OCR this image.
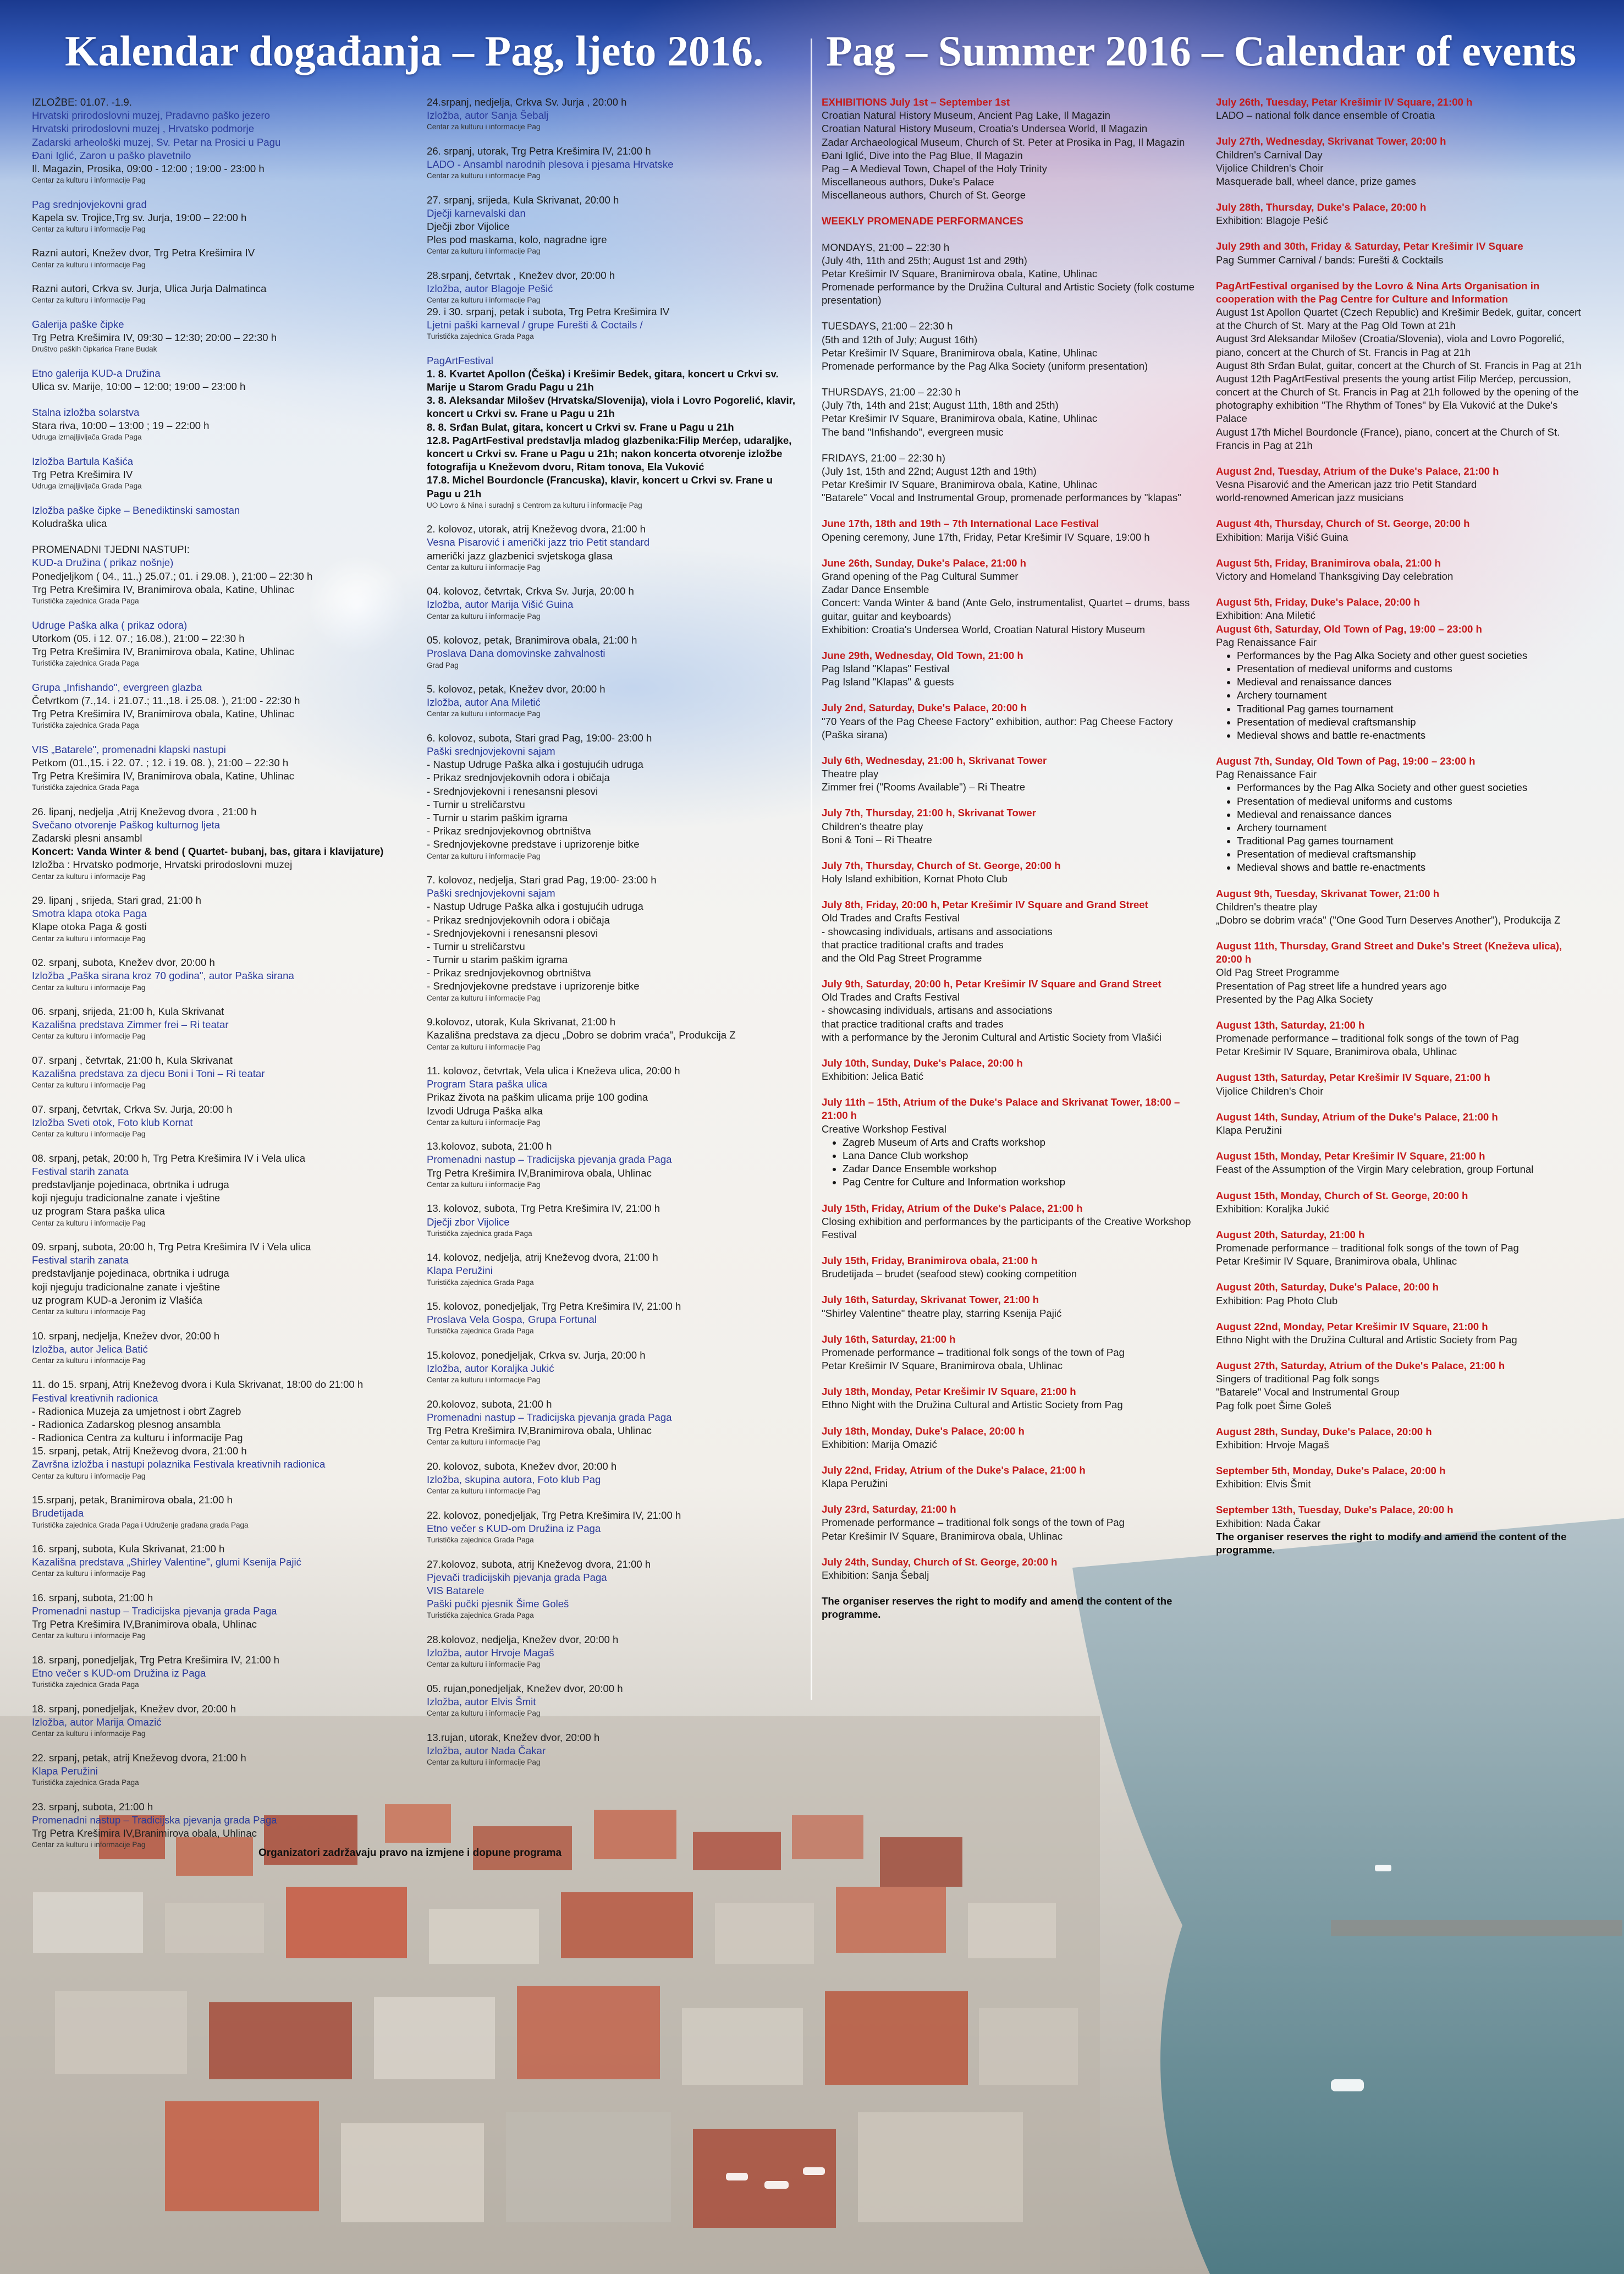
Kalendar događanja – Pag, ljeto 2016. Pag – Summer 2016 – Calendar of events
IZLOŽBE: 01.07. -1.9.
Hrvatski prirodoslovni muzej, Pradavno paško jezero
Hrvatski prirodoslovni muzej , Hrvatsko podmorje
Zadarski arheološki muzej, Sv. Petar na Prosici u Pagu
Đani Iglić, Zaron u paško plavetnilo
Il. Magazin, Prosika, 09:00 - 12:00 ; 19:00 - 23:00 h
Centar za kulturu i informacije Pag
Pag srednjovjekovni grad
Kapela sv. Trojice,Trg sv. Jurja, 19:00 – 22:00 h
Centar za kulturu i informacije Pag
Razni autori, Knežev dvor, Trg Petra Krešimira IV
Centar za kulturu i informacije Pag
Razni autori, Crkva sv. Jurja, Ulica Jurja Dalmatinca
Centar za kulturu i informacije Pag
Galerija paške čipke
Trg Petra Krešimira IV, 09:30 – 12:30; 20:00 – 22:30 h
Društvo paških čipkarica Frane Budak
Etno galerija KUD-a Družina
Ulica sv. Marije, 10:00 – 12:00; 19:00 – 23:00 h
Stalna izložba solarstva
Stara riva, 10:00 – 13:00 ; 19 – 22:00 h
Udruga izmajljivljača Grada Paga
Izložba Bartula Kašića
Trg Petra Krešimira IV
Udruga izmajljivljača Grada Paga
Izložba paške čipke – Benediktinski samostan
Koludraška ulica
PROMENADNI TJEDNI NASTUPI:
KUD-a Družina ( prikaz nošnje)
Ponedjeljkom ( 04., 11.,) 25.07.; 01. i 29.08. ), 21:00 – 22:30 h
Trg Petra Krešimira IV, Branimirova obala, Katine, Uhlinac
Turistička zajednica Grada Paga
Udruge Paška alka ( prikaz odora)
Utorkom (05. i 12. 07.; 16.08.), 21:00 – 22:30 h
Trg Petra Krešimira IV, Branimirova obala, Katine, Uhlinac
Turistička zajednica Grada Paga
Grupa „Infishando", evergreen glazba
Četvrtkom (7.,14. i 21.07.; 11.,18. i 25.08. ), 21:00 - 22:30 h
Trg Petra Krešimira IV, Branimirova obala, Katine, Uhlinac
Turistička zajednica Grada Paga
VIS „Batarele", promenadni klapski nastupi
Petkom (01.,15. i 22. 07. ; 12. i 19. 08. ), 21:00 – 22:30 h
Trg Petra Krešimira IV, Branimirova obala, Katine, Uhlinac
Turistička zajednica Grada Paga
26. lipanj, nedjelja ,Atrij Kneževog dvora , 21:00 h
Svečano otvorenje Paškog kulturnog ljeta
Zadarski plesni ansambl
Koncert: Vanda Winter & bend ( Quartet- bubanj, bas, gitara i klavijature)
Izložba : Hrvatsko podmorje, Hrvatski prirodoslovni muzej
Centar za kulturu i informacije Pag
29. lipanj , srijeda, Stari grad, 21:00 h
Smotra klapa otoka Paga
Klape otoka Paga & gosti
Centar za kulturu i informacije Pag
02. srpanj, subota, Knežev dvor, 20:00 h
Izložba „Paška sirana kroz 70 godina", autor Paška sirana
Centar za kulturu i informacije Pag
06. srpanj, srijeda, 21:00 h, Kula Skrivanat
Kazališna predstava Zimmer frei – Ri teatar
Centar za kulturu i informacije Pag
07. srpanj , četvrtak, 21:00 h, Kula Skrivanat
Kazališna predstava za djecu Boni i Toni – Ri teatar
Centar za kulturu i informacije Pag
07. srpanj, četvrtak, Crkva Sv. Jurja, 20:00 h
Izložba Sveti otok, Foto klub Kornat
Centar za kulturu i informacije Pag
08. srpanj, petak, 20:00 h, Trg Petra Krešimira IV i Vela ulica
Festival starih zanata
predstavljanje pojedinaca, obrtnika i udruga
koji njeguju tradicionalne zanate i vještine
uz program Stara paška ulica
Centar za kulturu i informacije Pag
09. srpanj, subota, 20:00 h, Trg Petra Krešimira IV i Vela ulica
Festival starih zanata
predstavljanje pojedinaca, obrtnika i udruga
koji njeguju tradicionalne zanate i vještine
uz program KUD-a Jeronim iz Vlašića
Centar za kulturu i informacije Pag
10. srpanj, nedjelja, Knežev dvor, 20:00 h
Izložba, autor Jelica Batić
Centar za kulturu i informacije Pag
11. do 15. srpanj, Atrij Kneževog dvora i Kula Skrivanat, 18:00 do 21:00 h
Festival kreativnih radionica
- Radionica Muzeja za umjetnost i obrt Zagreb
- Radionica Zadarskog plesnog ansambla
- Radionica Centra za kulturu i informacije Pag
15. srpanj, petak, Atrij Kneževog dvora, 21:00 h
Završna izložba i nastupi polaznika Festivala kreativnih radionica
Centar za kulturu i informacije Pag
15.srpanj, petak, Branimirova obala, 21:00 h
Brudetijada
Turistička zajednica Grada Paga i Udruženje građana grada Paga
16. srpanj, subota, Kula Skrivanat, 21:00 h
Kazališna predstava „Shirley Valentine", glumi Ksenija Pajić
Centar za kulturu i informacije Pag
16. srpanj, subota, 21:00 h
Promenadni nastup – Tradicijska pjevanja grada Paga
Trg Petra Krešimira IV,Branimirova obala, Uhlinac
Centar za kulturu i informacije Pag
18. srpanj, ponedjeljak, Trg Petra Krešimira IV, 21:00 h
Etno večer s KUD-om Družina iz Paga
Turistička zajednica Grada Paga
18. srpanj, ponedjeljak, Knežev dvor, 20:00 h
Izložba, autor Marija Omazić
Centar za kulturu i informacije Pag
22. srpanj, petak, atrij Kneževog dvora, 21:00 h
Klapa Peružini
Turistička zajednica Grada Paga
23. srpanj, subota, 21:00 h
Promenadni nastup – Tradicijska pjevanja grada Paga
Trg Petra Krešimira IV,Branimirova obala, Uhlinac
Centar za kulturu i informacije Pag
24.srpanj, nedjelja, Crkva Sv. Jurja , 20:00 h
Izložba, autor Sanja Šebalj
Centar za kulturu i informacije Pag
26. srpanj, utorak, Trg Petra Krešimira IV, 21:00 h
LADO - Ansambl narodnih plesova i pjesama Hrvatske
Centar za kulturu i informacije Pag
27. srpanj, srijeda, Kula Skrivanat, 20:00 h
Dječji karnevalski dan
Dječji zbor Vijolice
Ples pod maskama, kolo, nagradne igre
Centar za kulturu i informacije Pag
28.srpanj, četvrtak , Knežev dvor, 20:00 h
Izložba, autor Blagoje Pešić
Centar za kulturu i informacije Pag
29. i 30. srpanj, petak i subota, Trg Petra Krešimira IV
Ljetni paški karneval / grupe Furešti & Coctails /
Turistička zajednica Grada Paga
PagArtFestival
1. 8. Kvartet Apollon (Češka) i Krešimir Bedek, gitara, koncert u Crkvi sv. Marije u Starom Gradu Pagu u 21h
3. 8. Aleksandar Milošev (Hrvatska/Slovenija), viola i Lovro Pogorelić, klavir, koncert u Crkvi sv. Frane u Pagu u 21h
8. 8. Srđan Bulat, gitara, koncert u Crkvi sv. Frane u Pagu u 21h
12.8. PagArtFestival predstavlja mladog glazbenika:Filip Merćep, udaraljke, koncert u Crkvi sv. Frane u Pagu u 21h; nakon koncerta otvorenje izložbe fotografija u Kneževom dvoru, Ritam tonova, Ela Vuković
17.8. Michel Bourdoncle (Francuska), klavir, koncert u Crkvi sv. Frane u Pagu u 21h
UO Lovro & Nina i suradnji s Centrom za kulturu i informacije Pag
2. kolovoz, utorak, atrij Kneževog dvora, 21:00 h
Vesna Pisarović i američki jazz trio Petit standard
američki jazz glazbenici svjetskoga glasa
Centar za kulturu i informacije Pag
04. kolovoz, četvrtak, Crkva Sv. Jurja, 20:00 h
Izložba, autor Marija Višić Guina
Centar za kulturu i informacije Pag
05. kolovoz, petak, Branimirova obala, 21:00 h
Proslava Dana domovinske zahvalnosti
Grad Pag
5. kolovoz, petak, Knežev dvor, 20:00 h
Izložba, autor Ana Miletić
Centar za kulturu i informacije Pag
6. kolovoz, subota, Stari grad Pag, 19:00- 23:00 h
Paški srednjovjekovni sajam
- Nastup Udruge Paška alka i gostujućih udruga
- Prikaz srednjovjekovnih odora i običaja
- Srednjovjekovni i renesansni plesovi
- Turnir u streličarstvu
- Turnir u starim paškim igrama
- Prikaz srednjovjekovnog obrtništva
- Srednjovjekovne predstave i uprizorenje bitke
Centar za kulturu i informacije Pag
7. kolovoz, nedjelja, Stari grad Pag, 19:00- 23:00 h
Paški srednjovjekovni sajam
- Nastup Udruge Paška alka i gostujućih udruga
- Prikaz srednjovjekovnih odora i običaja
- Srednjovjekovni i renesansni plesovi
- Turnir u streličarstvu
- Turnir u starim paškim igrama
- Prikaz srednjovjekovnog obrtništva
- Srednjovjekovne predstave i uprizorenje bitke
Centar za kulturu i informacije Pag
9.kolovoz, utorak, Kula Skrivanat, 21:00 h
Kazališna predstava za djecu „Dobro se dobrim vraća", Produkcija Z
Centar za kulturu i informacije Pag
11. kolovoz, četvrtak, Vela ulica i Kneževa ulica, 20:00 h
Program Stara paška ulica
Prikaz života na paškim ulicama prije 100 godina
Izvodi Udruga Paška alka
Centar za kulturu i informacije Pag
13.kolovoz, subota, 21:00 h
Promenadni nastup – Tradicijska pjevanja grada Paga
Trg Petra Krešimira IV,Branimirova obala, Uhlinac
Centar za kulturu i informacije Pag
13. kolovoz, subota, Trg Petra Krešimira IV, 21:00 h
Dječji zbor Vijolice
Turistička zajednica grada Paga
14. kolovoz, nedjelja, atrij Kneževog dvora, 21:00 h
Klapa Peružini
Turistička zajednica Grada Paga
15. kolovoz, ponedjeljak, Trg Petra Krešimira IV, 21:00 h
Proslava Vela Gospa, Grupa Fortunal
Turistička zajednica Grada Paga
15.kolovoz, ponedjeljak, Crkva sv. Jurja, 20:00 h
Izložba, autor Koraljka Jukić
Centar za kulturu i informacije Pag
20.kolovoz, subota, 21:00 h
Promenadni nastup – Tradicijska pjevanja grada Paga
Trg Petra Krešimira IV,Branimirova obala, Uhlinac
Centar za kulturu i informacije Pag
20. kolovoz, subota, Knežev dvor, 20:00 h
Izložba, skupina autora, Foto klub Pag
Centar za kulturu i informacije Pag
22. kolovoz, ponedjeljak, Trg Petra Krešimira IV, 21:00 h
Etno večer s KUD-om Družina iz Paga
Turistička zajednica Grada Paga
27.kolovoz, subota, atrij Kneževog dvora, 21:00 h
Pjevači tradicijskih pjevanja grada Paga
VIS Batarele
Paški pučki pjesnik Šime Goleš
Turistička zajednica Grada Paga
28.kolovoz, nedjelja, Knežev dvor, 20:00 h
Izložba, autor Hrvoje Magaš
Centar za kulturu i informacije Pag
05. rujan,ponedjeljak, Knežev dvor, 20:00 h
Izložba, autor Elvis Šmit
Centar za kulturu i informacije Pag
13.rujan, utorak, Knežev dvor, 20:00 h
Izložba, autor Nada Čakar
Centar za kulturu i informacije Pag
EXHIBITIONS July 1st – September 1st
Croatian Natural History Museum, Ancient Pag Lake, Il Magazin
Croatian Natural History Museum, Croatia's Undersea World, Il Magazin
Zadar Archaeological Museum, Church of St. Peter at Prosika in Pag, Il Magazin
Đani Iglić, Dive into the Pag Blue, Il Magazin
Pag – A Medieval Town, Chapel of the Holy Trinity
Miscellaneous authors, Duke's Palace
Miscellaneous authors, Church of St. George
WEEKLY PROMENADE PERFORMANCES
MONDAYS, 21:00 – 22:30 h
(July 4th, 11th and 25th; August 1st and 29th)
Petar Krešimir IV Square, Branimirova obala, Katine, Uhlinac
Promenade performance by the Družina Cultural and Artistic Society (folk costume presentation)
TUESDAYS, 21:00 – 22:30 h
(5th and 12th of July; August 16th)
Petar Krešimir IV Square, Branimirova obala, Katine, Uhlinac
Promenade performance by the Pag Alka Society (uniform presentation)
THURSDAYS, 21:00 – 22:30 h
(July 7th, 14th and 21st; August 11th, 18th and 25th)
Petar Krešimir IV Square, Branimirova obala, Katine, Uhlinac
The band "Infishando", evergreen music
FRIDAYS, 21:00 – 22:30 h)
(July 1st, 15th and 22nd; August 12th and 19th)
Petar Krešimir IV Square, Branimirova obala, Katine, Uhlinac
"Batarele" Vocal and Instrumental Group, promenade performances by "klapas"
June 17th, 18th and 19th – 7th International Lace Festival
Opening ceremony, June 17th, Friday, Petar Krešimir IV Square, 19:00 h
June 26th, Sunday, Duke's Palace, 21:00 h
Grand opening of the Pag Cultural Summer
Zadar Dance Ensemble
Concert: Vanda Winter & band (Ante Gelo, instrumentalist, Quartet – drums, bass guitar, guitar and keyboards)
Exhibition: Croatia's Undersea World, Croatian Natural History Museum
June 29th, Wednesday, Old Town, 21:00 h
Pag Island "Klapas" Festival
Pag Island "Klapas" & guests
July 2nd, Saturday, Duke's Palace, 20:00 h
"70 Years of the Pag Cheese Factory" exhibition, author: Pag Cheese Factory (Paška sirana)
July 6th, Wednesday, 21:00 h, Skrivanat Tower
Theatre play
Zimmer frei ("Rooms Available") – Ri Theatre
July 7th, Thursday, 21:00 h, Skrivanat Tower
Children's theatre play
Boni & Toni – Ri Theatre
July 7th, Thursday, Church of St. George, 20:00 h
Holy Island exhibition, Kornat Photo Club
July 8th, Friday, 20:00 h, Petar Krešimir IV Square and Grand Street
Old Trades and Crafts Festival
- showcasing individuals, artisans and associations
that practice traditional crafts and trades
and the Old Pag Street Programme
July 9th, Saturday, 20:00 h, Petar Krešimir IV Square and Grand Street
Old Trades and Crafts Festival
- showcasing individuals, artisans and associations
that practice traditional crafts and trades
with a performance by the Jeronim Cultural and Artistic Society from Vlašići
July 10th, Sunday, Duke's Palace, 20:00 h
Exhibition: Jelica Batić
July 11th – 15th, Atrium of the Duke's Palace and Skrivanat Tower, 18:00 – 21:00 h
Creative Workshop Festival
• Zagreb Museum of Arts and Crafts workshop
• Lana Dance Club workshop
• Zadar Dance Ensemble workshop
• Pag Centre for Culture and Information workshop
July 15th, Friday, Atrium of the Duke's Palace, 21:00 h
Closing exhibition and performances by the participants of the Creative Workshop Festival
July 15th, Friday, Branimirova obala, 21:00 h
Brudetijada – brudet (seafood stew) cooking competition
July 16th, Saturday, Skrivanat Tower, 21:00 h
"Shirley Valentine" theatre play, starring Ksenija Pajić
July 16th, Saturday, 21:00 h
Promenade performance – traditional folk songs of the town of Pag
Petar Krešimir IV Square, Branimirova obala, Uhlinac
July 18th, Monday, Petar Krešimir IV Square, 21:00 h
Ethno Night with the Družina Cultural and Artistic Society from Pag
July 18th, Monday, Duke's Palace, 20:00 h
Exhibition: Marija Omazić
July 22nd, Friday, Atrium of the Duke's Palace, 21:00 h
Klapa Peružini
July 23rd, Saturday, 21:00 h
Promenade performance – traditional folk songs of the town of Pag
Petar Krešimir IV Square, Branimirova obala, Uhlinac
July 24th, Sunday, Church of St. George, 20:00 h
Exhibition: Sanja Šebalj
The organiser reserves the right to modify and amend the content of the programme.
July 26th, Tuesday, Petar Krešimir IV Square, 21:00 h
LADO – national folk dance ensemble of Croatia
July 27th, Wednesday, Skrivanat Tower, 20:00 h
Children's Carnival Day
Vijolice Children's Choir
Masquerade ball, wheel dance, prize games
July 28th, Thursday, Duke's Palace, 20:00 h
Exhibition: Blagoje Pešić
July 29th and 30th, Friday & Saturday, Petar Krešimir IV Square
Pag Summer Carnival / bands: Furešti & Cocktails
PagArtFestival organised by the Lovro & Nina Arts Organisation in cooperation with the Pag Centre for Culture and Information
August 1st Apollon Quartet (Czech Republic) and Krešimir Bedek, guitar, concert at the Church of St. Mary at the Pag Old Town at 21h
August 3rd Aleksandar Milošev (Croatia/Slovenia), viola and Lovro Pogorelić, piano, concert at the Church of St. Francis in Pag at 21h
August 8th Srđan Bulat, guitar, concert at the Church of St. Francis in Pag at 21h
August 12th PagArtFestival presents the young artist Filip Merćep, percussion, concert at the Church of St. Francis in Pag at 21h followed by the opening of the photography exhibition "The Rhythm of Tones" by Ela Vuković at the Duke's Palace
August 17th Michel Bourdoncle (France), piano, concert at the Church of St. Francis in Pag at 21h
August 2nd, Tuesday, Atrium of the Duke's Palace, 21:00 h
Vesna Pisarović and the American jazz trio Petit Standard
world-renowned American jazz musicians
August 4th, Thursday, Church of St. George, 20:00 h
Exhibition: Marija Višić Guina
August 5th, Friday, Branimirova obala, 21:00 h
Victory and Homeland Thanksgiving Day celebration
August 5th, Friday, Duke's Palace, 20:00 h
Exhibition: Ana Miletić
August 6th, Saturday, Old Town of Pag, 19:00 – 23:00 h
Pag Renaissance Fair
• Performances by the Pag Alka Society and other guest societies
• Presentation of medieval uniforms and customs
• Medieval and renaissance dances
• Archery tournament
• Traditional Pag games tournament
• Presentation of medieval craftsmanship
• Medieval shows and battle re-enactments
August 7th, Sunday, Old Town of Pag, 19:00 – 23:00 h
Pag Renaissance Fair
• Performances by the Pag Alka Society and other guest societies
• Presentation of medieval uniforms and customs
• Medieval and renaissance dances
• Archery tournament
• Traditional Pag games tournament
• Presentation of medieval craftsmanship
• Medieval shows and battle re-enactments
August 9th, Tuesday, Skrivanat Tower, 21:00 h
Children's theatre play
„Dobro se dobrim vraća" ("One Good Turn Deserves Another"), Produkcija Z
August 11th, Thursday, Grand Street and Duke's Street (Kneževa ulica), 20:00 h
Old Pag Street Programme
Presentation of Pag street life a hundred years ago
Presented by the Pag Alka Society
August 13th, Saturday, 21:00 h
Promenade performance – traditional folk songs of the town of Pag
Petar Krešimir IV Square, Branimirova obala, Uhlinac
August 13th, Saturday, Petar Krešimir IV Square, 21:00 h
Vijolice Children's Choir
August 14th, Sunday, Atrium of the Duke's Palace, 21:00 h
Klapa Peružini
August 15th, Monday, Petar Krešimir IV Square, 21:00 h
Feast of the Assumption of the Virgin Mary celebration, group Fortunal
August 15th, Monday, Church of St. George, 20:00 h
Exhibition: Koraljka Jukić
August 20th, Saturday, 21:00 h
Promenade performance – traditional folk songs of the town of Pag
Petar Krešimir IV Square, Branimirova obala, Uhlinac
August 20th, Saturday, Duke's Palace, 20:00 h
Exhibition: Pag Photo Club
August 22nd, Monday, Petar Krešimir IV Square, 21:00 h
Ethno Night with the Družina Cultural and Artistic Society from Pag
August 27th, Saturday, Atrium of the Duke's Palace, 21:00 h
Singers of traditional Pag folk songs
"Batarele" Vocal and Instrumental Group
Pag folk poet Šime Goleš
August 28th, Sunday, Duke's Palace, 20:00 h
Exhibition: Hrvoje Magaš
September 5th, Monday, Duke's Palace, 20:00 h
Exhibition: Elvis Šmit
September 13th, Tuesday, Duke's Palace, 20:00 h
Exhibition: Nada Čakar
The organiser reserves the right to modify and amend the content of the programme.
Organizatori zadržavaju pravo na izmjene i dopune programa
